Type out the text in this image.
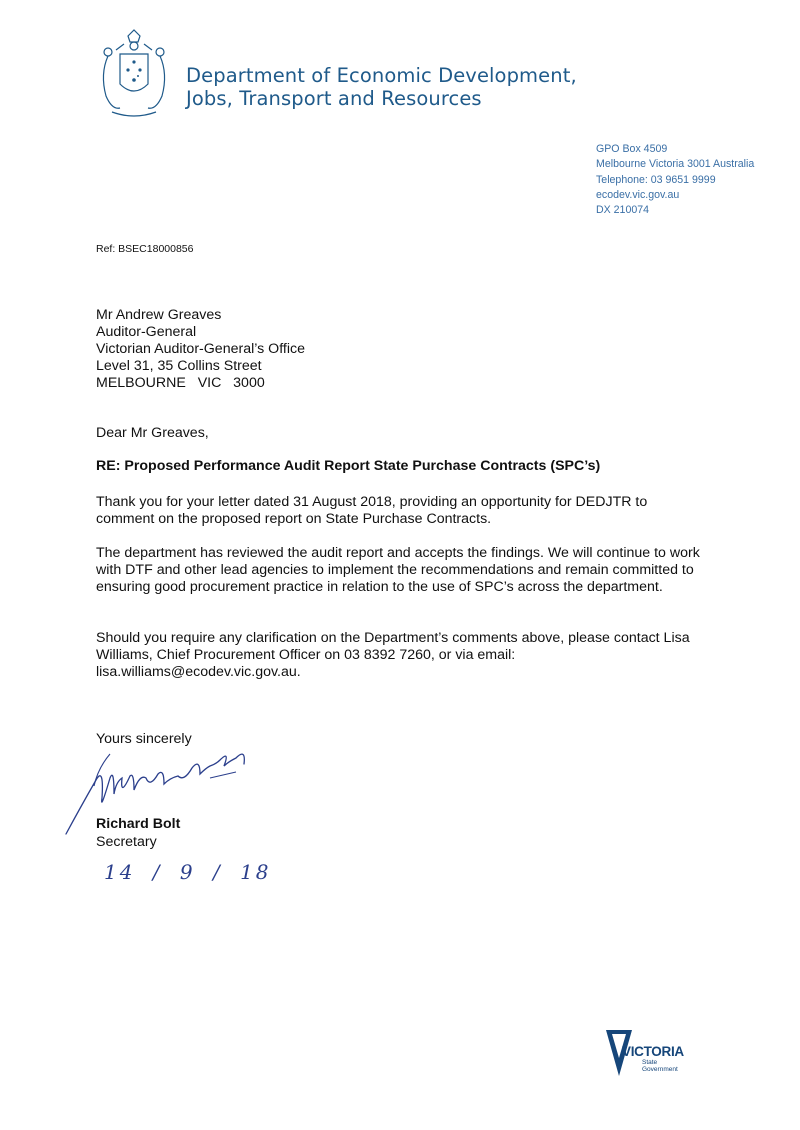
Department of Economic Development,
Jobs, Transport and Resources
GPO Box 4509
Melbourne Victoria 3001 Australia
Telephone: 03 9651 9999
ecodev.vic.gov.au
DX 210074
Ref: BSEC18000856
Mr Andrew Greaves
Auditor-General
Victorian Auditor-General’s Office
Level 31, 35 Collins Street
MELBOURNE   VIC   3000
Dear Mr Greaves,
RE: Proposed Performance Audit Report State Purchase Contracts (SPC’s)
Thank you for your letter dated 31 August 2018, providing an opportunity for DEDJTR to comment on the proposed report on State Purchase Contracts.
The department has reviewed the audit report and accepts the findings. We will continue to work with DTF and other lead agencies to implement the recommendations and remain committed to ensuring good procurement practice in relation to the use of SPC’s across the department.
Should you require any clarification on the Department’s comments above, please contact Lisa Williams, Chief Procurement Officer on 03 8392 7260, or via email: lisa.williams@ecodev.vic.gov.au.
Yours sincerely
Richard Bolt
Secretary
14 / 9 / 18
VICTORIA
State
Government
